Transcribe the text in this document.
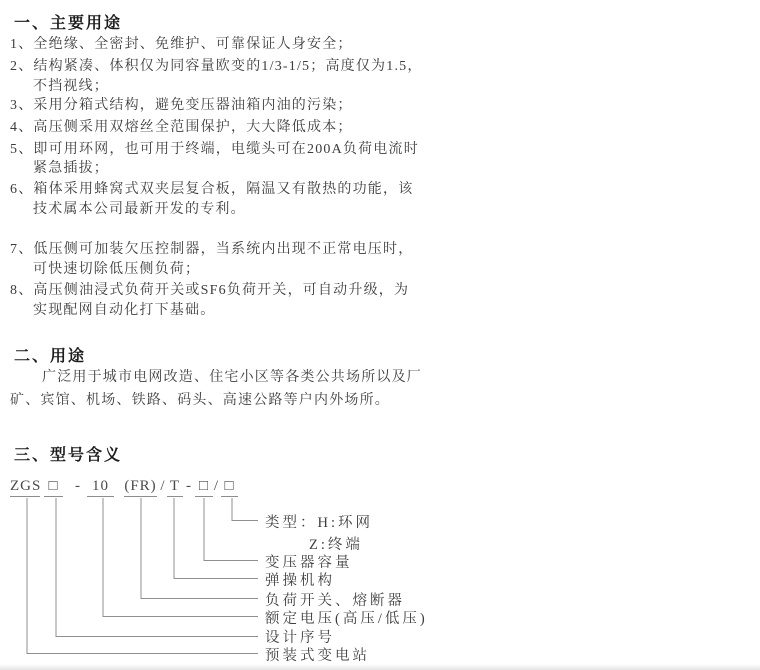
一、主要用途
1、全绝缘、全密封、免维护、可靠保证人身安全；
2、结构紧凑、体积仅为同容量欧变的1/3-1/5；高度仅为1.5，
不挡视线；
3、采用分箱式结构，避免变压器油箱内油的污染；
4、高压侧采用双熔丝全范围保护，大大降低成本；
5、即可用环网，也可用于终端，电缆头可在200A负荷电流时
紧急插拔；
6、箱体采用蜂窝式双夹层复合板，隔温又有散热的功能，该
技术属本公司最新开发的专利。
7、低压侧可加装欠压控制器，当系统内出现不正常电压时，
可快速切除低压侧负荷；
8、高压侧油浸式负荷开关或SF6负荷开关，可自动升级，为
实现配网自动化打下基础。
二、用途
广泛用于城市电网改造、住宅小区等各类公共场所以及厂
矿、宾馆、机场、铁路、码头、高速公路等户内外场所。
三、型号含义
ZGS □	- 10	(FR) / T - □ / □
类型：H:环网
Z:终端
变压器容量
弹操机构
负荷开关、熔断器
额定电压(高压/低压)
设计序号
预装式变电站
